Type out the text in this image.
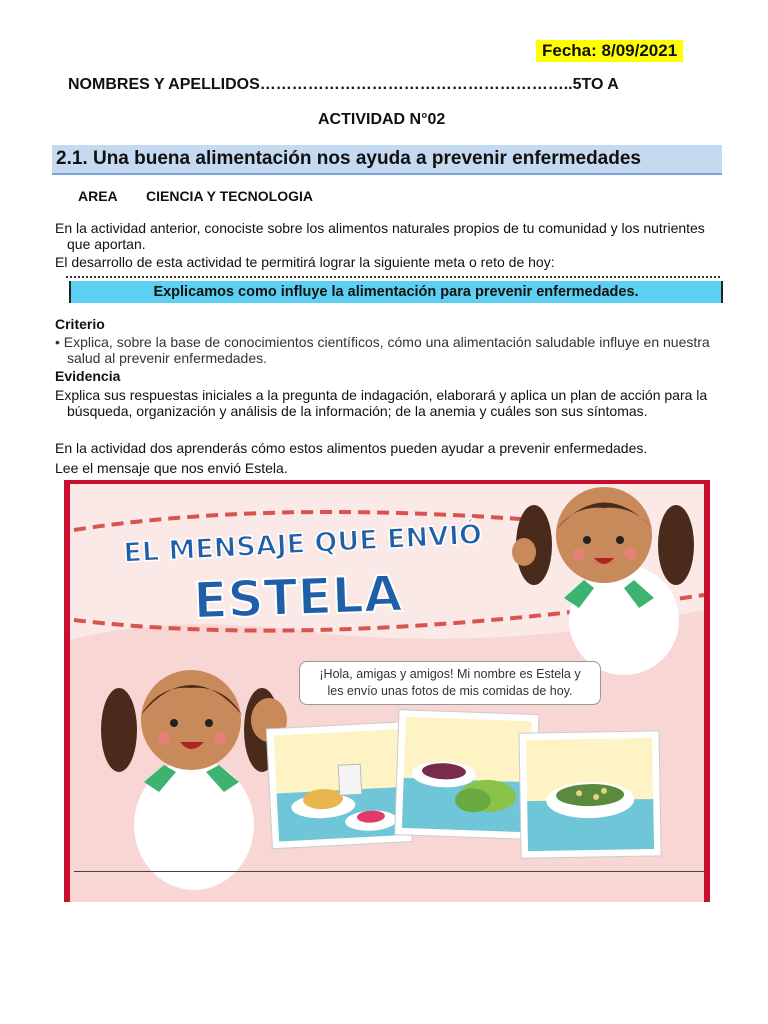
Fecha: 8/09/2021
NOMBRES Y APELLIDOS…………………………………………………..5TO A
ACTIVIDAD N°02
2.1. Una buena alimentación nos ayuda a prevenir enfermedades
AREA CIENCIA Y TECNOLOGIA
En la actividad anterior, conociste sobre los alimentos naturales propios de tu comunidad y los nutrientes
que aportan.
El desarrollo de esta actividad te permitirá lograr la siguiente meta o reto de hoy:
Explicamos como influye la alimentación para prevenir enfermedades.
Criterio
• Explica, sobre la base de conocimientos científicos, cómo una alimentación saludable influye en nuestra
salud al prevenir enfermedades.
Evidencia
Explica sus respuestas iniciales a la pregunta de indagación, elaborará y aplica un plan de acción para la
búsqueda, organización y análisis de la información; de la anemia y cuáles son sus síntomas.
En la actividad dos aprenderás cómo estos alimentos pueden ayudar a prevenir enfermedades.
Lee el mensaje que nos envió Estela.
EL MENSAJE QUE ENVIÓ
ESTELA
¡Hola, amigas y amigos! Mi nombre es Estela y
les envío unas fotos de mis comidas de hoy.
